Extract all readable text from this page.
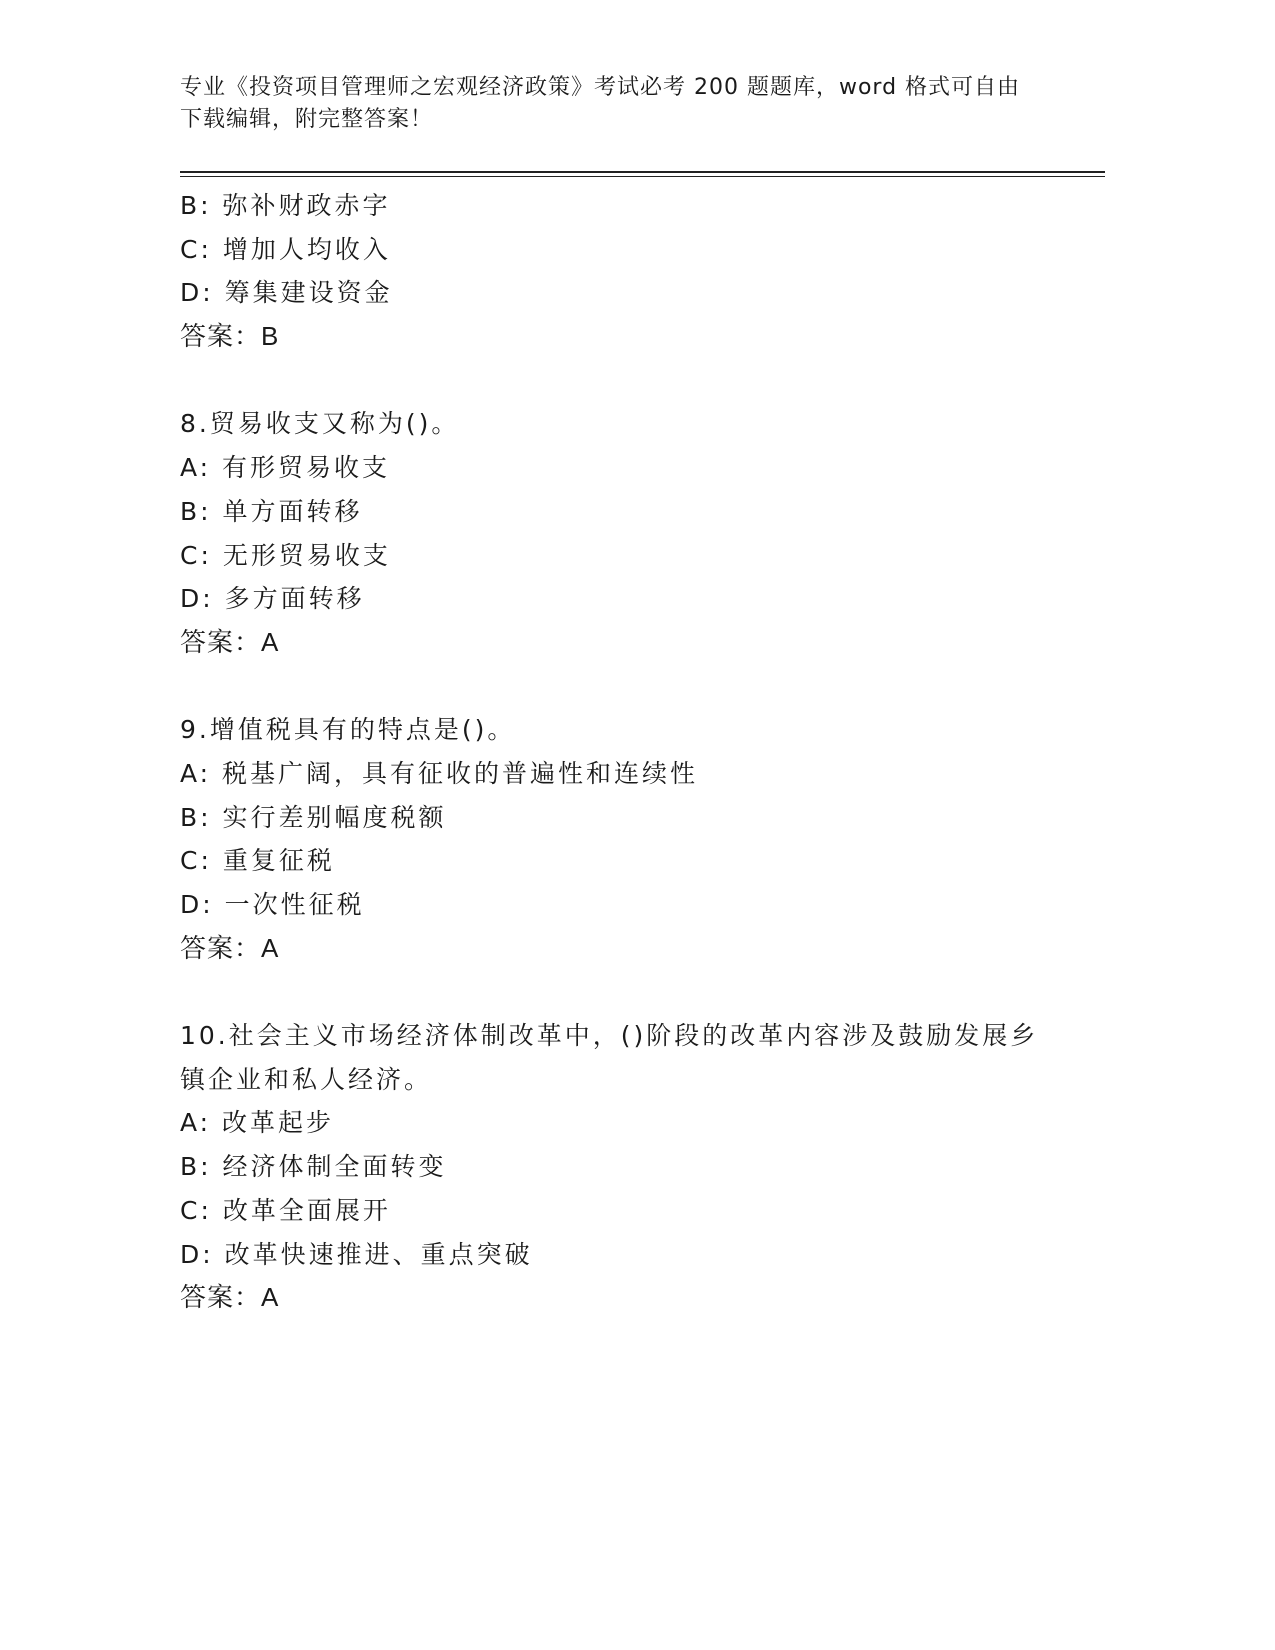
专业《投资项目管理师之宏观经济政策》考试必考 200 题题库，word 格式可自由
下载编辑，附完整答案！
B: 弥补财政赤字
C: 增加人均收入
D: 筹集建设资金
答案：B
8.贸易收支又称为()。
A: 有形贸易收支
B: 单方面转移
C: 无形贸易收支
D: 多方面转移
答案：A
9.增值税具有的特点是()。
A: 税基广阔，具有征收的普遍性和连续性
B: 实行差别幅度税额
C: 重复征税
D: 一次性征税
答案：A
10.社会主义市场经济体制改革中，()阶段的改革内容涉及鼓励发展乡
镇企业和私人经济。
A: 改革起步
B: 经济体制全面转变
C: 改革全面展开
D: 改革快速推进、重点突破
答案：A
